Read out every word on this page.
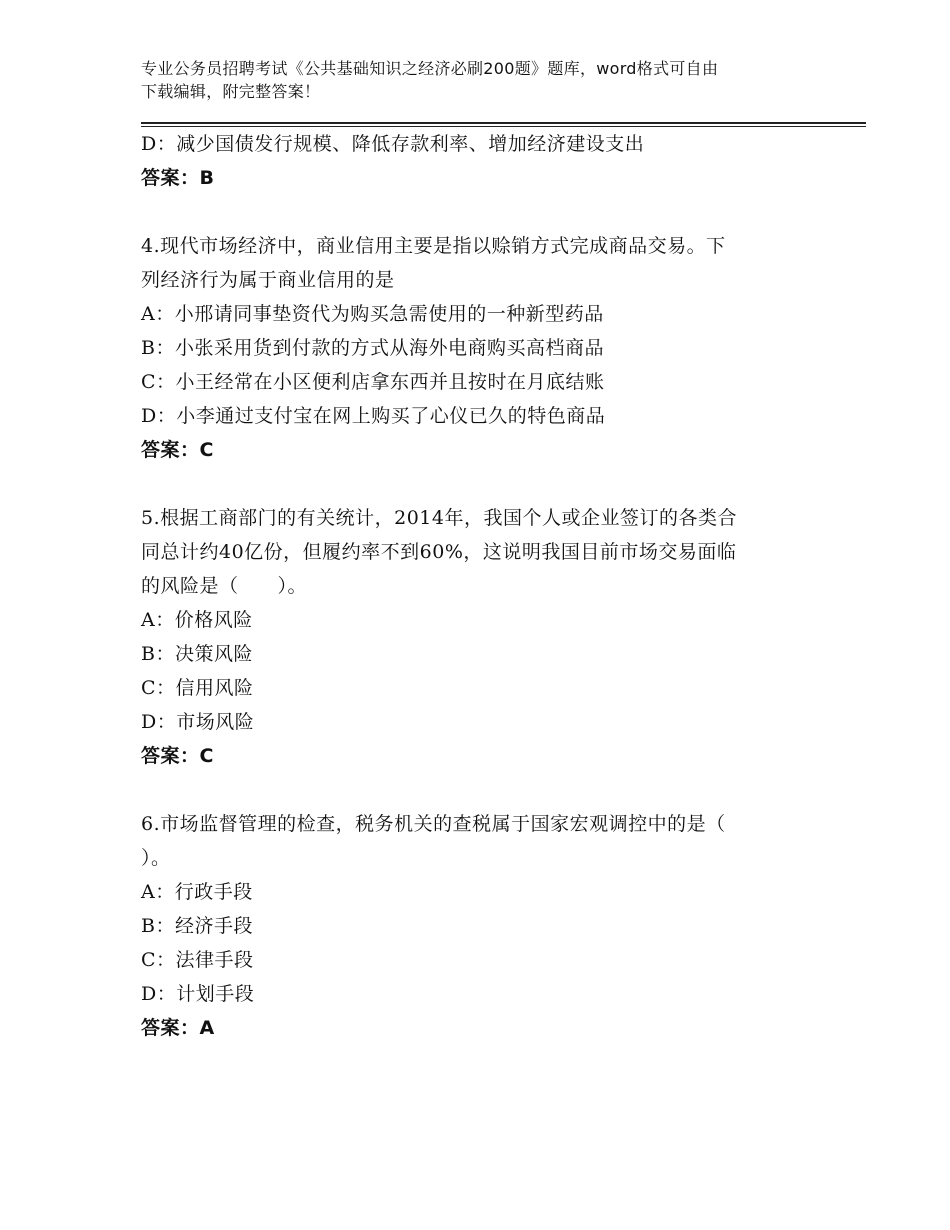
专业公务员招聘考试《公共基础知识之经济必刷200题》题库，word格式可自由
下载编辑，附完整答案！
D：减少国债发行规模、降低存款利率、增加经济建设支出
答案：B
4.现代市场经济中，商业信用主要是指以赊销方式完成商品交易。下
列经济行为属于商业信用的是
A：小邢请同事垫资代为购买急需使用的一种新型药品
B：小张采用货到付款的方式从海外电商购买高档商品
C：小王经常在小区便利店拿东西并且按时在月底结账
D：小李通过支付宝在网上购买了心仪已久的特色商品
答案：C
5.根据工商部门的有关统计，2014年，我国个人或企业签订的各类合
同总计约40亿份，但履约率不到60%，这说明我国目前市场交易面临
的风险是（　　）。
A：价格风险
B：决策风险
C：信用风险
D：市场风险
答案：C
6.市场监督管理的检查，税务机关的查税属于国家宏观调控中的是（
）。
A：行政手段
B：经济手段
C：法律手段
D：计划手段
答案：A
